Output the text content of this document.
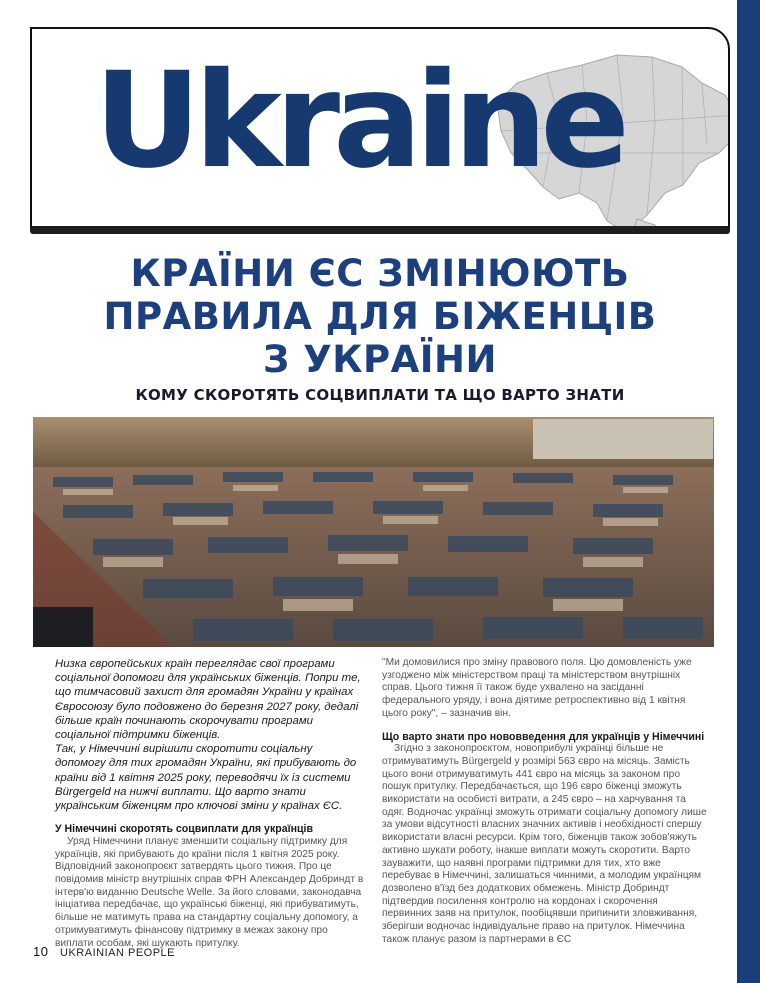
Ukraine
КРАЇНИ ЄС ЗМІНЮЮТЬ
ПРАВИЛА ДЛЯ БІЖЕНЦІВ
З УКРАЇНИ
КОМУ СКОРОТЯТЬ СОЦВИПЛАТИ ТА ЩО ВАРТО ЗНАТИ

Низка європейських країн переглядає свої програми соціальної допомоги для українських біженців. Попри те, що тимчасовий захист для громадян України у країнах Євросоюзу було подовжено до березня 2027 року, дедалі більше країн починають скорочувати програми соціальної підтримки біженців.

Так, у Німеччині вирішили скоротити соціальну допомогу для тих громадян України, які прибувають до країни від 1 квітня 2025 року, переводячи їх із системи Bürgergeld на нижчі виплати. Що варто знати українським біженцям про ключові зміни у країнах ЄС.

У Німеччині скоротять соцвиплати для українців

Уряд Німеччини планує зменшити соціальну підтримку для українців, які прибувають до країни після 1 квітня 2025 року. Відповідний законопроєкт затвердять цього тижня. Про це повідомив міністр внутрішніх справ ФРН Александер Добриндт в інтерв'ю виданню Deutsche Welle. За його словами, законодавча ініціатива передбачає, що українські біженці, які прибуватимуть, більше не матимуть права на стандартну соціальну допомогу, а отримуватимуть фінансову підтримку в межах закону про виплати особам, які шукають притулку.

"Ми домовилися про зміну правового поля. Цю домовленість уже узгоджено між міністерством праці та міністерством внутрішніх справ. Цього тижня її також буде ухвалено на засіданні федерального уряду, і вона діятиме ретроспективно від 1 квітня цього року", – зазначив він.

Що варто знати про нововведення для українців у Німеччині

Згідно з законопроєктом, новоприбулі українці більше не отримуватимуть Bürgergeld у розмірі 563 євро на місяць. Замість цього вони отримуватимуть 441 євро на місяць за законом про пошук притулку. Передбачається, що 196 євро біженці зможуть використати на особисті витрати, а 245 євро – на харчування та одяг. Водночас українці зможуть отримати соціальну допомогу лише за умови відсутності власних значних активів і необхідності спершу використати власні ресурси. Крім того, біженців також зобов'яжуть активно шукати роботу, інакше виплати можуть скоротити. Варто зауважити, що наявні програми підтримки для тих, хто вже перебуває в Німеччині, залишаться чинними, а молодим українцям дозволено в'їзд без додаткових обмежень. Міністр Добриндт підтвердив посилення контролю на кордонах і скорочення первинних заяв на притулок, пообіцявши припинити зловживання, зберігши водночас індивідуальне право на притулок. Німеччина також планує разом із партнерами в ЄС

10 UKRAINIAN PEOPLE
